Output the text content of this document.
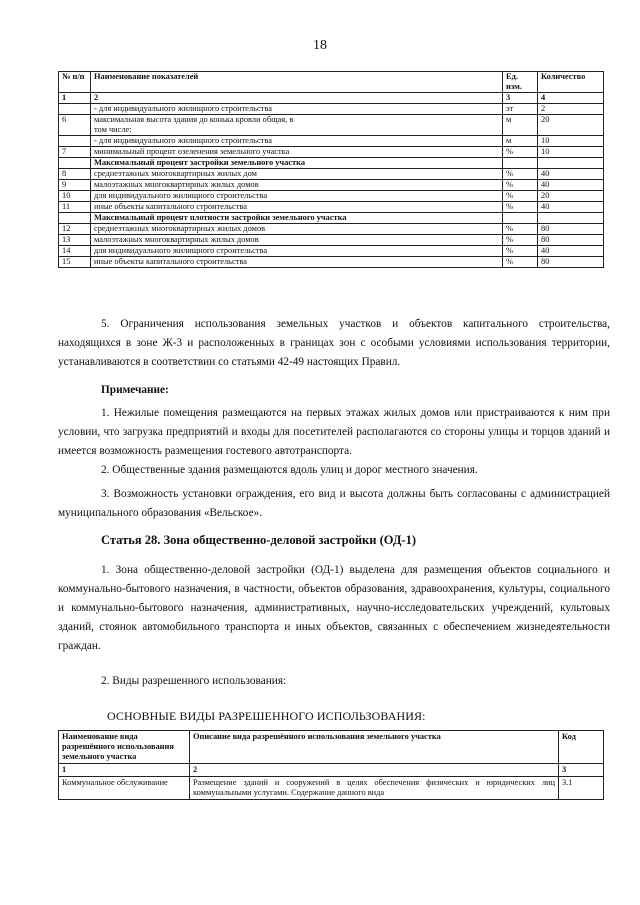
18
№ п/п	Наименование показателей	Ед. изм.	Количество
1	2	3	4
	- для индивидуального жилищного строительства	эт	2
6	максимальная высота здания до конька кровли общая, в том числе:	м	20
	- для индивидуального жилищного строительства	м	10
7	минимальный процент озеленения земельного участка	%	10
	Максимальный процент застройки земельного участка		
8	среднеэтажных многоквартирных жилых дом	%	40
9	малоэтажных многоквартирных жилых домов	%	40
10	для индивидуального жилищного строительства	%	20
11	иные объекты капитального строительства	%	40
	Максимальный процент плотности застройки земельного участка		
12	среднеэтажных многоквартирных жилых домов	%	80
13	малоэтажных многоквартирных жилых домов	%	80
14	для индивидуального жилищного строительства	%	40
15	иные объекты капитального строительства	%	80

5. Ограничения использования земельных участков и объектов капитального строительства, находящихся в зоне Ж-3 и расположенных в границах зон с особыми условиями использования территории, устанавливаются в соответствии со статьями 42-49 настоящих Правил.

Примечание:

1. Нежилые помещения размещаются на первых этажах жилых домов или пристраиваются к ним при условии, что загрузка предприятий и входы для посетителей располагаются со стороны улицы и торцов зданий и имеется возможность размещения гостевого автотранспорта.

2. Общественные здания размещаются вдоль улиц и дорог местного значения.

3. Возможность установки ограждения, его вид и высота должны быть согласованы с администрацией муниципального образования «Вельское».

Статья 28. Зона общественно-деловой застройки (ОД-1)

1. Зона общественно-деловой застройки (ОД-1) выделена для размещения объектов социального и коммунально-бытового назначения, в частности, объектов образования, здравоохранения, культуры, социального и коммунально-бытового назначения, административных, научно-исследовательских учреждений, культовых зданий, стоянок автомобильного транспорта и иных объектов, связанных с обеспечением жизнедеятельности граждан.

2. Виды разрешенного использования:

ОСНОВНЫЕ ВИДЫ РАЗРЕШЕННОГО ИСПОЛЬЗОВАНИЯ:

Наименование вида разрешённого использования земельного участка	Описание вида разрешённого использования земельного участка	Код
1	2	3
Коммунальное обслуживание	Размещение зданий и сооружений в целях обеспечения физических и юридических лиц коммунальными услугами. Содержание данного вида	3.1
